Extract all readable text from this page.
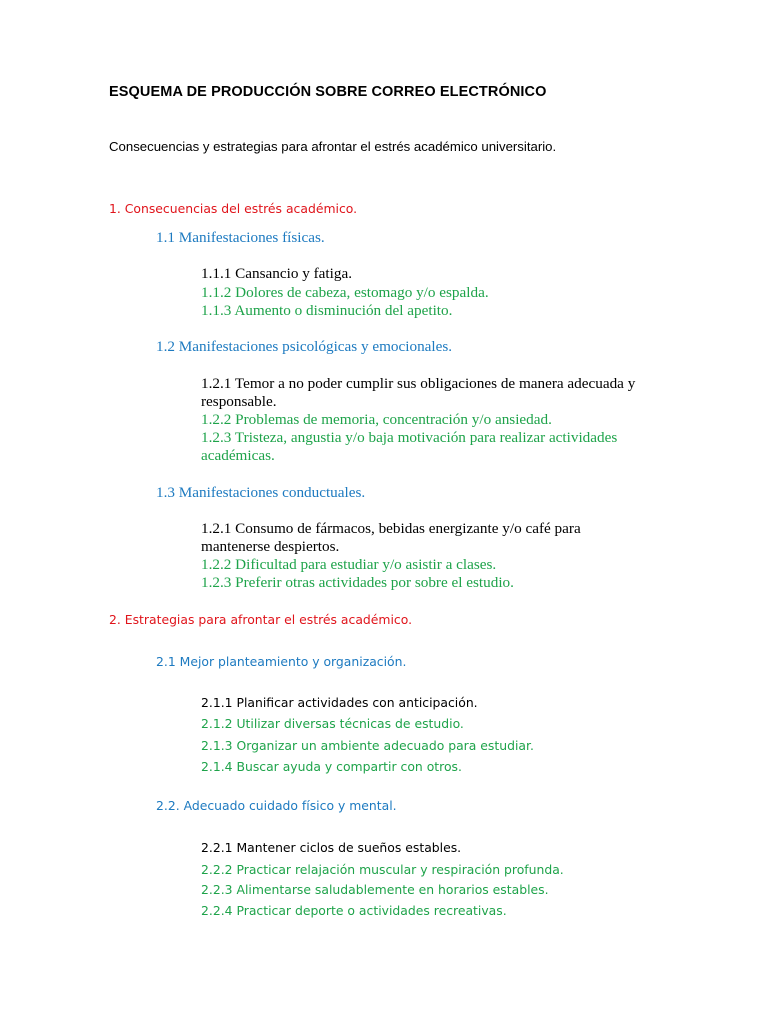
ESQUEMA DE PRODUCCIÓN SOBRE CORREO ELECTRÓNICO

Consecuencias y estrategias para afrontar el estrés académico universitario.

1. Consecuencias del estrés académico.

1.1 Manifestaciones físicas.

1.1.1 Cansancio y fatiga.

1.1.2 Dolores de cabeza, estomago y/o espalda.

1.1.3 Aumento o disminución del apetito.

1.2 Manifestaciones psicológicas y emocionales.

1.2.1 Temor a no poder cumplir sus obligaciones de manera adecuada y responsable.

1.2.2 Problemas de memoria, concentración y/o ansiedad.

1.2.3 Tristeza, angustia y/o baja motivación para realizar actividades académicas.

1.3 Manifestaciones conductuales.

1.2.1 Consumo de fármacos, bebidas energizante y/o café para mantenerse despiertos.

1.2.2 Dificultad para estudiar y/o asistir a clases.

1.2.3 Preferir otras actividades por sobre el estudio.

2. Estrategias para afrontar el estrés académico.

2.1 Mejor planteamiento y organización.

2.1.1 Planificar actividades con anticipación.

2.1.2 Utilizar diversas técnicas de estudio.

2.1.3 Organizar un ambiente adecuado para estudiar.

2.1.4 Buscar ayuda y compartir con otros.

2.2. Adecuado cuidado físico y mental.

2.2.1 Mantener ciclos de sueños estables.

2.2.2 Practicar relajación muscular y respiración profunda.

2.2.3 Alimentarse saludablemente en horarios estables.

2.2.4 Practicar deporte o actividades recreativas.
